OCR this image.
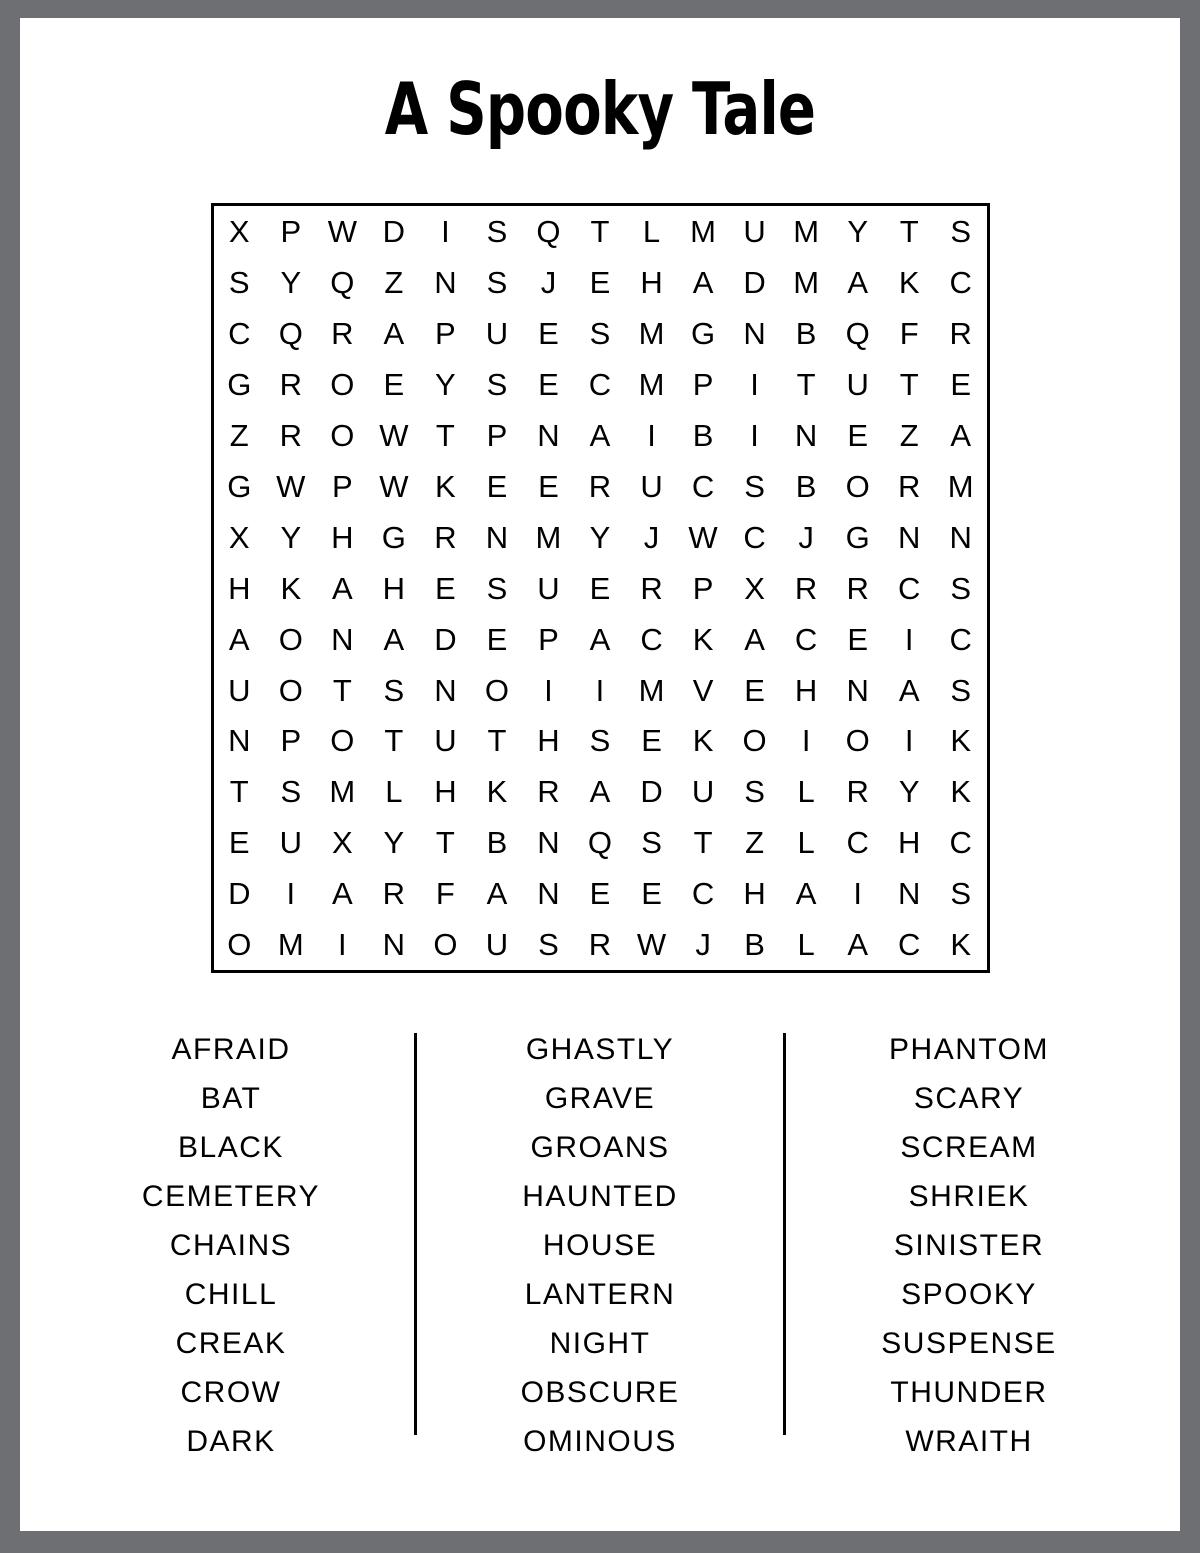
A Spooky Tale
X P W D	I	S Q T	L M U M Y	T	S
S Y Q Z N S	J	E H A D M A K C
C Q R A P U E S M G N B Q F R
G R O E Y S E C M P	I	T U T	E
Z R O W T	P N A	I	B	I	N E	Z	A
G W P W K E E R U C S B O R M
X Y H G R N M Y	J W C	J	G N N
H K A H E S U E R P X R R C S
A O N A D E P A C K A C E	I	C
U O T	S N O	I	I	M V E H N A S
N P O T U T H S E K O	I	O	I	K
T	S M L	H K R A D U S	L	R Y K
E U X Y	T	B N Q S	T	Z	L	C H C
D	I	A R F	A N E E C H A	I	N S
O M	I	N O U S R W J	B	L	A C K
AFRAID
BAT
BLACK
CEMETERY
CHAINS
CHILL
CREAK
CROW
DARK
GHASTLY
GRAVE
GROANS
HAUNTED
HOUSE
LANTERN
NIGHT
OBSCURE
OMINOUS
PHANTOM
SCARY
SCREAM
SHRIEK
SINISTER
SPOOKY
SUSPENSE
THUNDER
WRAITH
